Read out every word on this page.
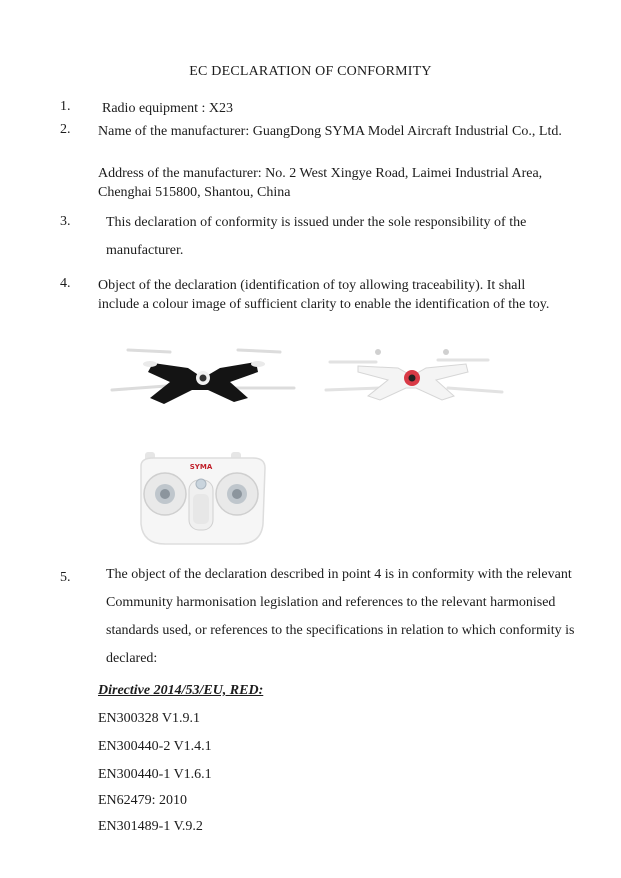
EC DECLARATION OF CONFORMITY
1. Radio equipment : X23
2. Name of the manufacturer: GuangDong SYMA Model Aircraft Industrial Co., Ltd.
Address of the manufacturer: No. 2 West Xingye Road, Laimei Industrial Area, Chenghai 515800, Shantou, China
3.	This declaration of conformity is issued under the sole responsibility of the manufacturer.
4. Object of the declaration (identification of toy allowing traceability). It shall include a colour image of sufficient clarity to enable the identification of the toy.
SYMA
5.	The object of the declaration described in point 4 is in conformity with the relevant Community harmonisation legislation and references to the relevant harmonised standards used, or references to the specifications in relation to which conformity is declared:
Directive 2014/53/EU, RED:
EN300328 V1.9.1
EN300440-2 V1.4.1
EN300440-1 V1.6.1
EN62479: 2010
EN301489-1 V.9.2
